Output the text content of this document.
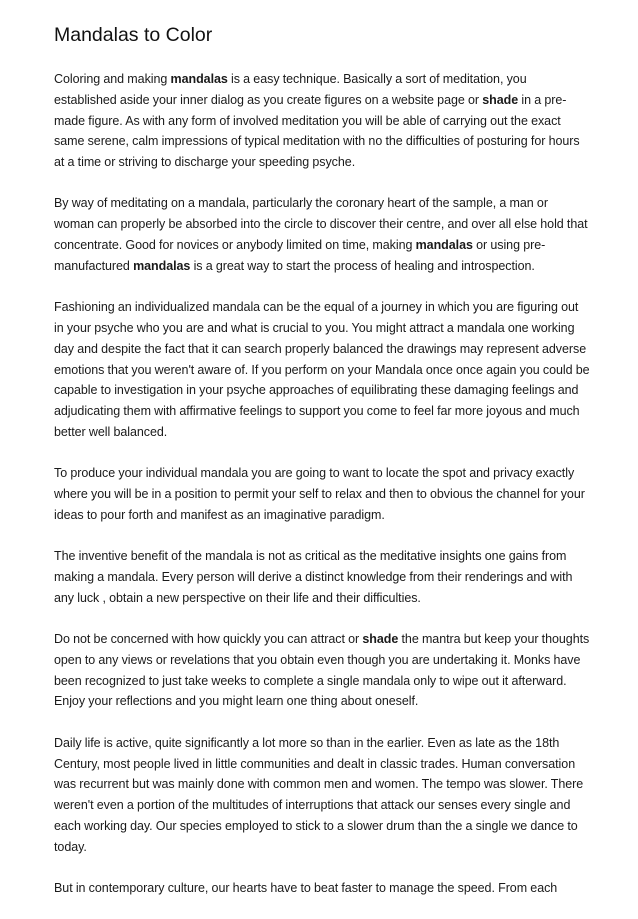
Mandalas to Color

Coloring and making mandalas is a easy technique. Basically a sort of meditation, you established aside your inner dialog as you create figures on a website page or shade in a pre-made figure. As with any form of involved meditation you will be able of carrying out the exact same serene, calm impressions of typical meditation with no the difficulties of posturing for hours at a time or striving to discharge your speeding psyche.

By way of meditating on a mandala, particularly the coronary heart of the sample, a man or woman can properly be absorbed into the circle to discover their centre, and over all else hold that concentrate. Good for novices or anybody limited on time, making mandalas or using pre-manufactured mandalas is a great way to start the process of healing and introspection.

Fashioning an individualized mandala can be the equal of a journey in which you are figuring out in your psyche who you are and what is crucial to you. You might attract a mandala one working day and despite the fact that it can search properly balanced the drawings may represent adverse emotions that you weren't aware of. If you perform on your Mandala once once again you could be capable to investigation in your psyche approaches of equilibrating these damaging feelings and adjudicating them with affirmative feelings to support you come to feel far more joyous and much better well balanced.

To produce your individual mandala you are going to want to locate the spot and privacy exactly where you will be in a position to permit your self to relax and then to obvious the channel for your ideas to pour forth and manifest as an imaginative paradigm.

The inventive benefit of the mandala is not as critical as the meditative insights one gains from making a mandala. Every person will derive a distinct knowledge from their renderings and with any luck , obtain a new perspective on their life and their difficulties.

Do not be concerned with how quickly you can attract or shade the mantra but keep your thoughts open to any views or revelations that you obtain even though you are undertaking it. Monks have been recognized to just take weeks to complete a single mandala only to wipe out it afterward. Enjoy your reflections and you might learn one thing about oneself.

Daily life is active, quite significantly a lot more so than in the earlier. Even as late as the 18th Century, most people lived in little communities and dealt in classic trades. Human conversation was recurrent but was mainly done with common men and women. The tempo was slower. There weren't even a portion of the multitudes of interruptions that attack our senses every single and each working day. Our species employed to stick to a slower drum than the a single we dance to today.

But in contemporary culture, our hearts have to beat faster to manage the speed. From each
